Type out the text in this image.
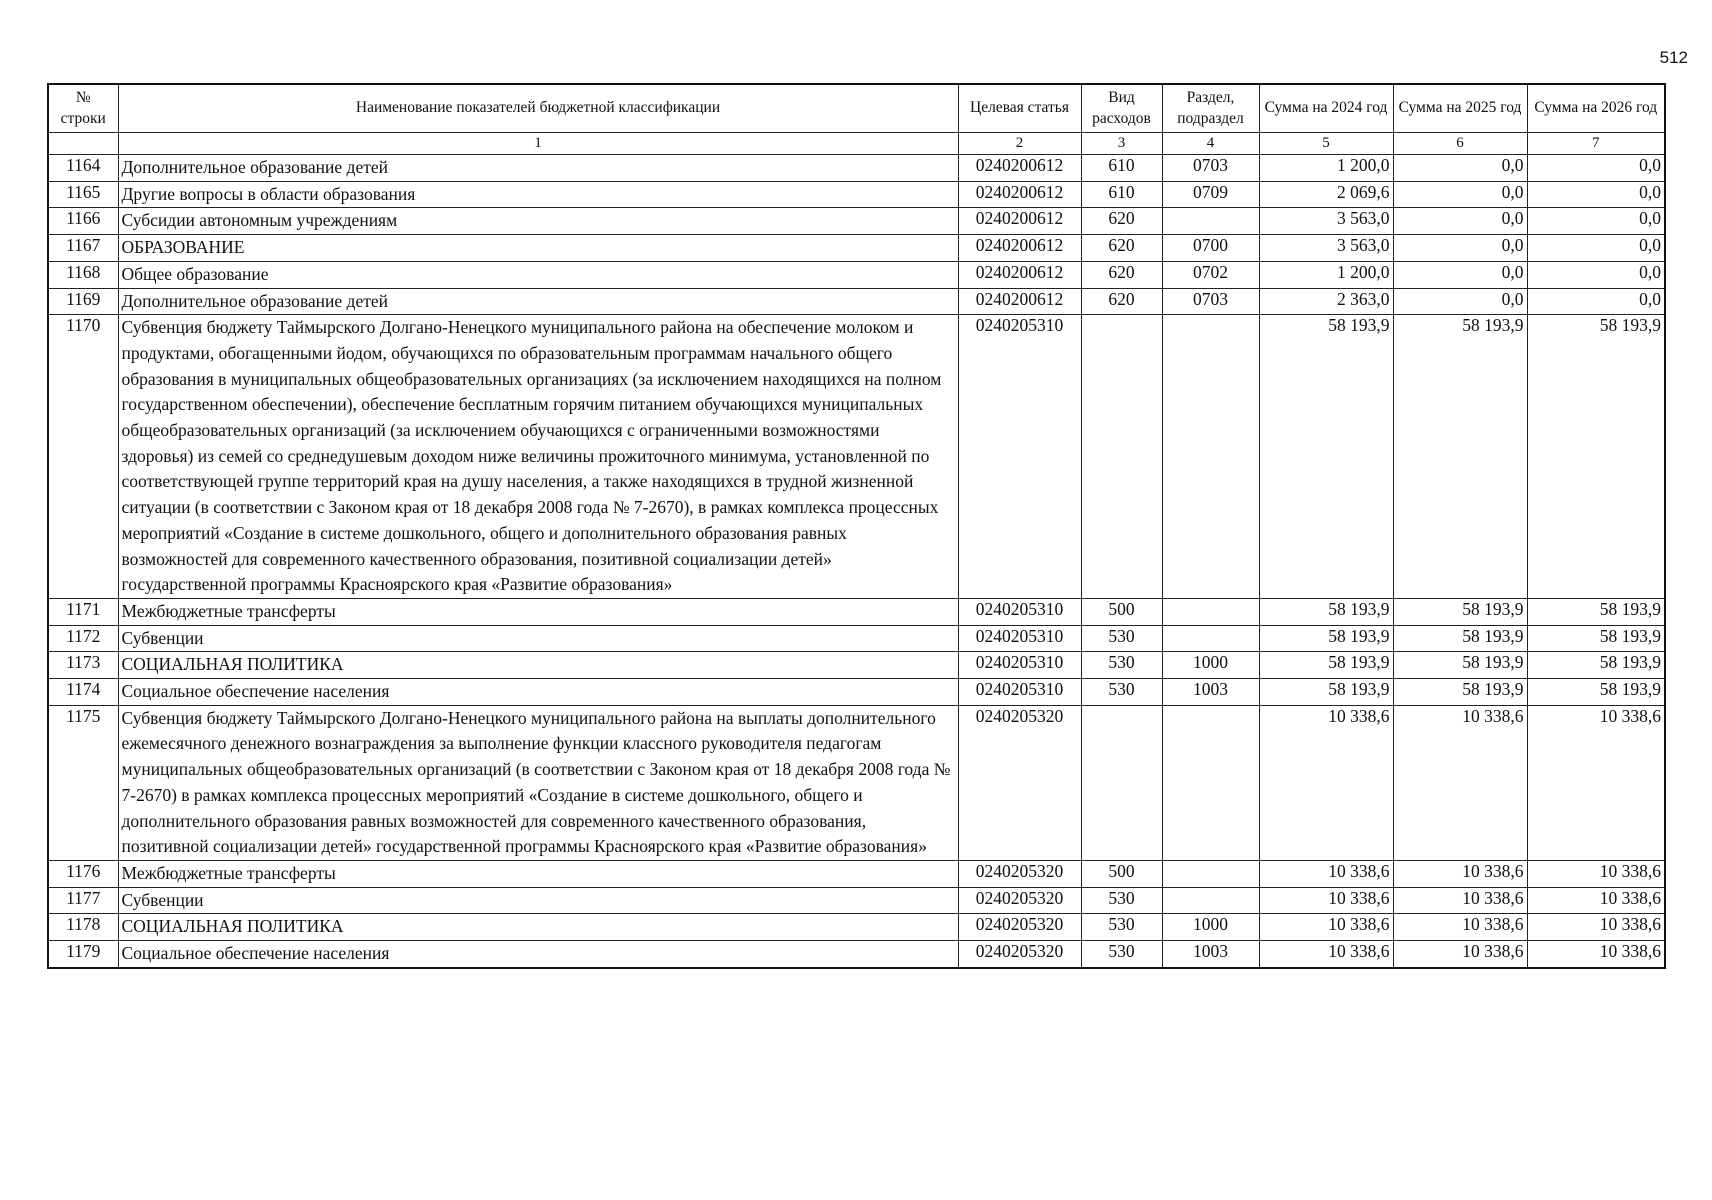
512
№ строки	Наименование показателей бюджетной классификации	Целевая статья	Вид расходов	Раздел, подраздел	Сумма на 2024 год	Сумма на 2025 год	Сумма на 2026 год
	1	2	3	4	5	6	7
1164	Дополнительное образование детей	0240200612	610	0703	1 200,0	0,0	0,0
1165	Другие вопросы в области образования	0240200612	610	0709	2 069,6	0,0	0,0
1166	Субсидии автономным учреждениям	0240200612	620		3 563,0	0,0	0,0
1167	ОБРАЗОВАНИЕ	0240200612	620	0700	3 563,0	0,0	0,0
1168	Общее образование	0240200612	620	0702	1 200,0	0,0	0,0
1169	Дополнительное образование детей	0240200612	620	0703	2 363,0	0,0	0,0
1170	Субвенция бюджету Таймырского Долгано-Ненецкого муниципального района на обеспечение молоком и продуктами, обогащенными йодом, обучающихся по образовательным программам начального общего образования в муниципальных общеобразовательных организациях (за исключением находящихся на полном государственном обеспечении), обеспечение бесплатным горячим питанием обучающихся муниципальных общеобразовательных организаций (за исключением обучающихся с ограниченными возможностями здоровья) из семей со среднедушевым доходом ниже величины прожиточного минимума, установленной по соответствующей группе территорий края на душу населения, а также находящихся в трудной жизненной ситуации (в соответствии с Законом края от 18 декабря 2008 года № 7-2670), в рамках комплекса процессных мероприятий «Создание в системе дошкольного, общего и дополнительного образования равных возможностей для современного качественного образования, позитивной социализации детей» государственной программы Красноярского края «Развитие образования»	0240205310			58 193,9	58 193,9	58 193,9
1171	Межбюджетные трансферты	0240205310	500		58 193,9	58 193,9	58 193,9
1172	Субвенции	0240205310	530		58 193,9	58 193,9	58 193,9
1173	СОЦИАЛЬНАЯ ПОЛИТИКА	0240205310	530	1000	58 193,9	58 193,9	58 193,9
1174	Социальное обеспечение населения	0240205310	530	1003	58 193,9	58 193,9	58 193,9
1175	Субвенция бюджету Таймырского Долгано-Ненецкого муниципального района на выплаты дополнительного ежемесячного денежного вознаграждения за выполнение функции классного руководителя педагогам муниципальных общеобразовательных организаций (в соответствии с Законом края от 18 декабря 2008 года № 7-2670) в рамках комплекса процессных мероприятий «Создание в системе дошкольного, общего и дополнительного образования равных возможностей для современного качественного образования, позитивной социализации детей» государственной программы Красноярского края «Развитие образования»	0240205320			10 338,6	10 338,6	10 338,6
1176	Межбюджетные трансферты	0240205320	500		10 338,6	10 338,6	10 338,6
1177	Субвенции	0240205320	530		10 338,6	10 338,6	10 338,6
1178	СОЦИАЛЬНАЯ ПОЛИТИКА	0240205320	530	1000	10 338,6	10 338,6	10 338,6
1179	Социальное обеспечение населения	0240205320	530	1003	10 338,6	10 338,6	10 338,6
